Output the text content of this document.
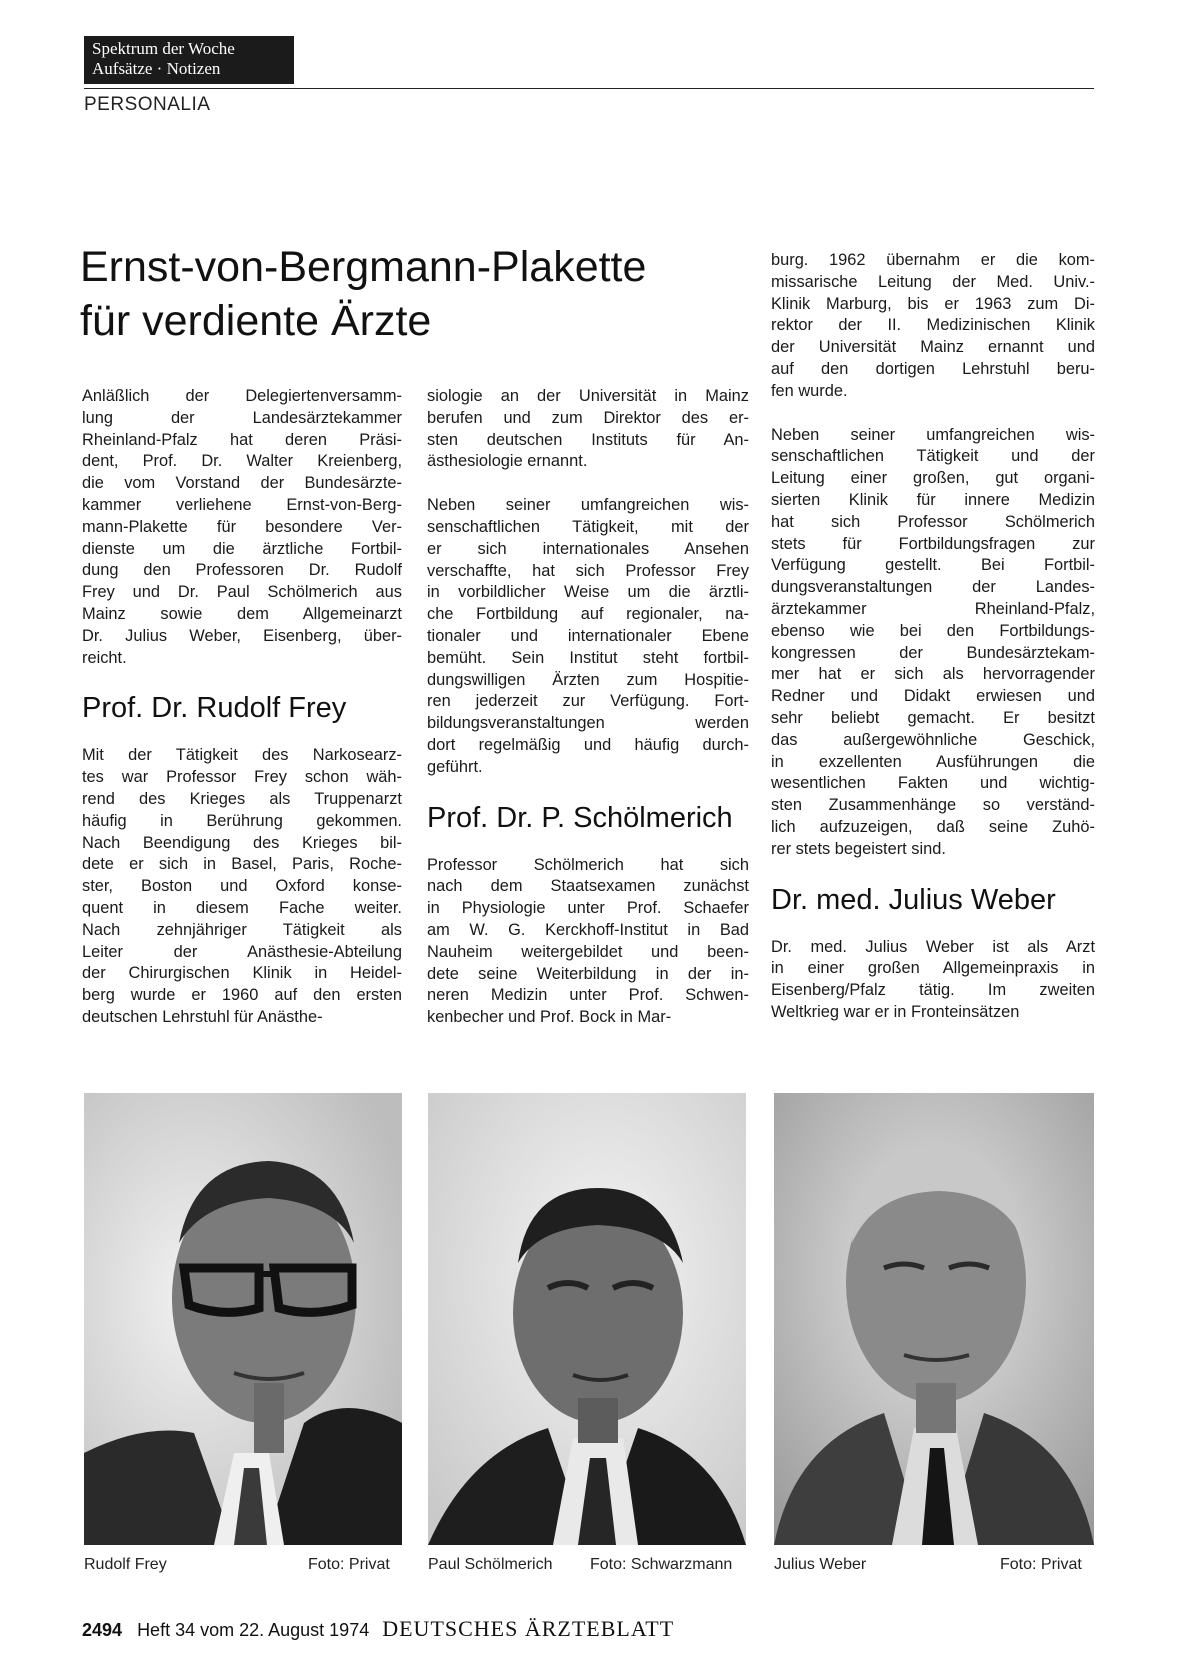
Spektrum der Woche
Aufsätze · Notizen
PERSONALIA
Ernst-von-Bergmann-Plakette
für verdiente Ärzte

Anläßlich der Delegiertenversamm-
lung der Landesärztekammer
Rheinland-Pfalz hat deren Präsi-
dent, Prof. Dr. Walter Kreienberg,
die vom Vorstand der Bundesärzte-
kammer verliehene Ernst-von-Berg-
mann-Plakette für besondere Ver-
dienste um die ärztliche Fortbil-
dung den Professoren Dr. Rudolf
Frey und Dr. Paul Schölmerich aus
Mainz sowie dem Allgemeinarzt
Dr. Julius Weber, Eisenberg, über-
reicht.

Prof. Dr. Rudolf Frey

Mit der Tätigkeit des Narkosearz-
tes war Professor Frey schon wäh-
rend des Krieges als Truppenarzt
häufig in Berührung gekommen.
Nach Beendigung des Krieges bil-
dete er sich in Basel, Paris, Roche-
ster, Boston und Oxford konse-
quent in diesem Fache weiter.
Nach zehnjähriger Tätigkeit als
Leiter der Anästhesie-Abteilung
der Chirurgischen Klinik in Heidel-
berg wurde er 1960 auf den ersten
deutschen Lehrstuhl für Anästhe-

siologie an der Universität in Mainz
berufen und zum Direktor des er-
sten deutschen Instituts für An-
ästhesiologie ernannt.

Neben seiner umfangreichen wis-
senschaftlichen Tätigkeit, mit der
er sich internationales Ansehen
verschaffte, hat sich Professor Frey
in vorbildlicher Weise um die ärztli-
che Fortbildung auf regionaler, na-
tionaler und internationaler Ebene
bemüht. Sein Institut steht fortbil-
dungswilligen Ärzten zum Hospitie-
ren jederzeit zur Verfügung. Fort-
bildungsveranstaltungen werden
dort regelmäßig und häufig durch-
geführt.

Prof. Dr. P. Schölmerich

Professor Schölmerich hat sich
nach dem Staatsexamen zunächst
in Physiologie unter Prof. Schaefer
am W. G. Kerckhoff-Institut in Bad
Nauheim weitergebildet und been-
dete seine Weiterbildung in der in-
neren Medizin unter Prof. Schwen-
kenbecher und Prof. Bock in Mar-

burg. 1962 übernahm er die kom-
missarische Leitung der Med. Univ.-
Klinik Marburg, bis er 1963 zum Di-
rektor der II. Medizinischen Klinik
der Universität Mainz ernannt und
auf den dortigen Lehrstuhl beru-
fen wurde.

Neben seiner umfangreichen wis-
senschaftlichen Tätigkeit und der
Leitung einer großen, gut organi-
sierten Klinik für innere Medizin
hat sich Professor Schölmerich
stets für Fortbildungsfragen zur
Verfügung gestellt. Bei Fortbil-
dungsveranstaltungen der Landes-
ärztekammer Rheinland-Pfalz,
ebenso wie bei den Fortbildungs-
kongressen der Bundesärztekam-
mer hat er sich als hervorragender
Redner und Didakt erwiesen und
sehr beliebt gemacht. Er besitzt
das außergewöhnliche Geschick,
in exzellenten Ausführungen die
wesentlichen Fakten und wichtig-
sten Zusammenhänge so verständ-
lich aufzuzeigen, daß seine Zuhö-
rer stets begeistert sind.

Dr. med. Julius Weber

Dr. med. Julius Weber ist als Arzt
in einer großen Allgemeinpraxis in
Eisenberg/Pfalz tätig. Im zweiten
Weltkrieg war er in Fronteinsätzen

Rudolf Frey	Foto: Privat Paul Schölmerich Foto: Schwarzmann	Julius Weber	Foto: Privat
2494 Heft 34 vom 22. August 1974 DEUTSCHES ÄRZTEBLATT
